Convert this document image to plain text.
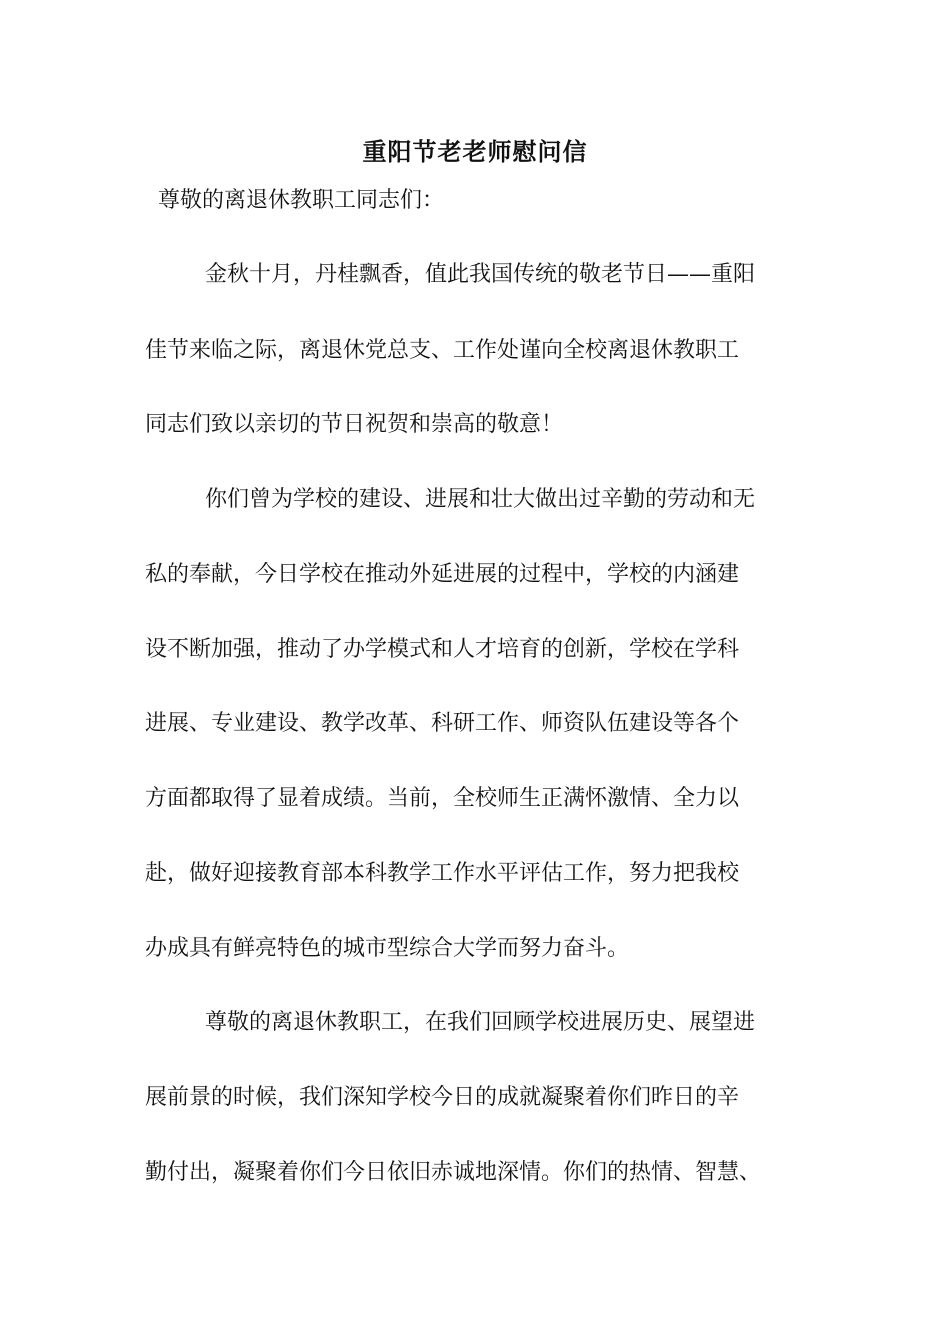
重阳节老老师慰问信
尊敬的离退休教职工同志们：
金秋十月，丹桂飘香，值此我国传统的敬老节日——重阳
佳节来临之际，离退休党总支、工作处谨向全校离退休教职工
同志们致以亲切的节日祝贺和崇高的敬意！
你们曾为学校的建设、进展和壮大做出过辛勤的劳动和无
私的奉献，今日学校在推动外延进展的过程中，学校的内涵建
设不断加强，推动了办学模式和人才培育的创新，学校在学科
进展、专业建设、教学改革、科研工作、师资队伍建设等各个
方面都取得了显着成绩。当前，全校师生正满怀激情、全力以
赴，做好迎接教育部本科教学工作水平评估工作，努力把我校
办成具有鲜亮特色的城市型综合大学而努力奋斗。
尊敬的离退休教职工，在我们回顾学校进展历史、展望进
展前景的时候，我们深知学校今日的成就凝聚着你们昨日的辛
勤付出，凝聚着你们今日依旧赤诚地深情。你们的热情、智慧、
